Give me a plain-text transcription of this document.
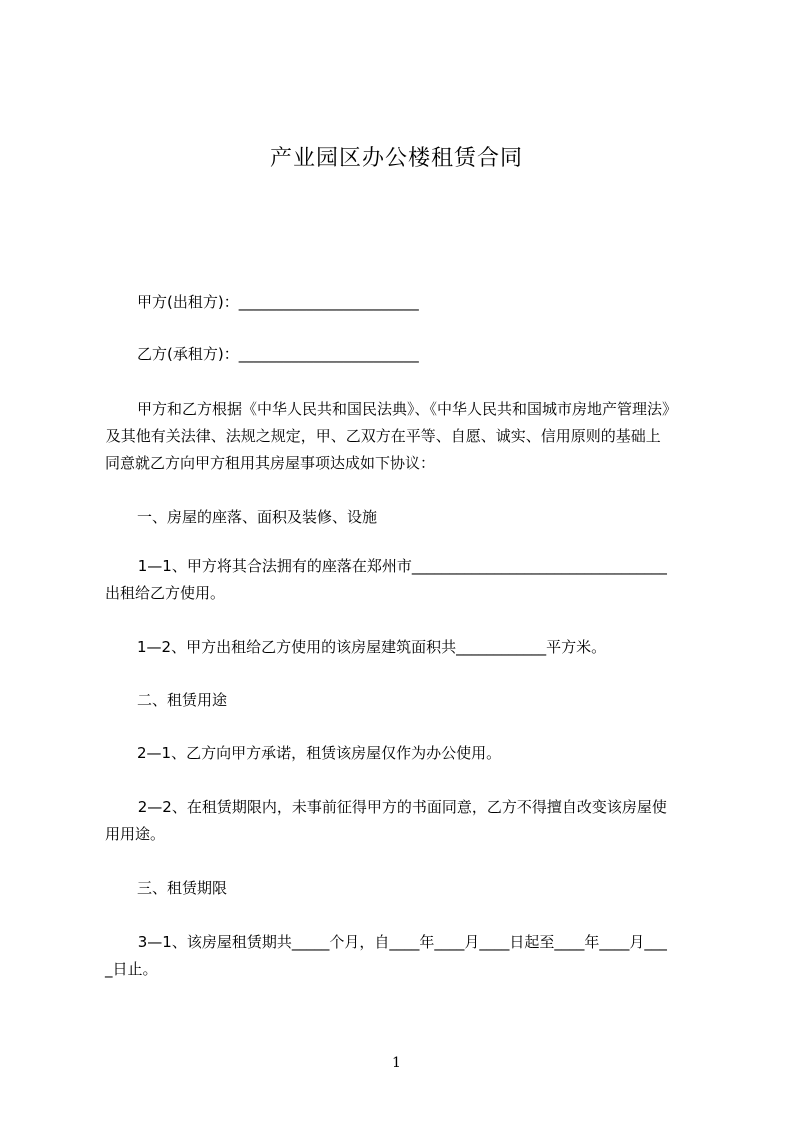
产业园区办公楼租赁合同
甲方(出租方)：________________________
乙方(承租方)：________________________
甲方和乙方根据《中华人民共和国民法典》、《中华人民共和国城市房地产管理法》
及其他有关法律、法规之规定，甲、乙双方在平等、自愿、诚实、信用原则的基础上
同意就乙方向甲方租用其房屋事项达成如下协议：
一、房屋的座落、面积及装修、设施
1—1、甲方将其合法拥有的座落在郑州市__________________________________
出租给乙方使用。
1—2、甲方出租给乙方使用的该房屋建筑面积共____________平方米。
二、租赁用途
2—1、乙方向甲方承诺，租赁该房屋仅作为办公使用。
2—2、在租赁期限内，未事前征得甲方的书面同意，乙方不得擅自改变该房屋使
用用途。
三、租赁期限
3—1、该房屋租赁期共_____个月，自____年____月____日起至____年____月___
_日止。
1
